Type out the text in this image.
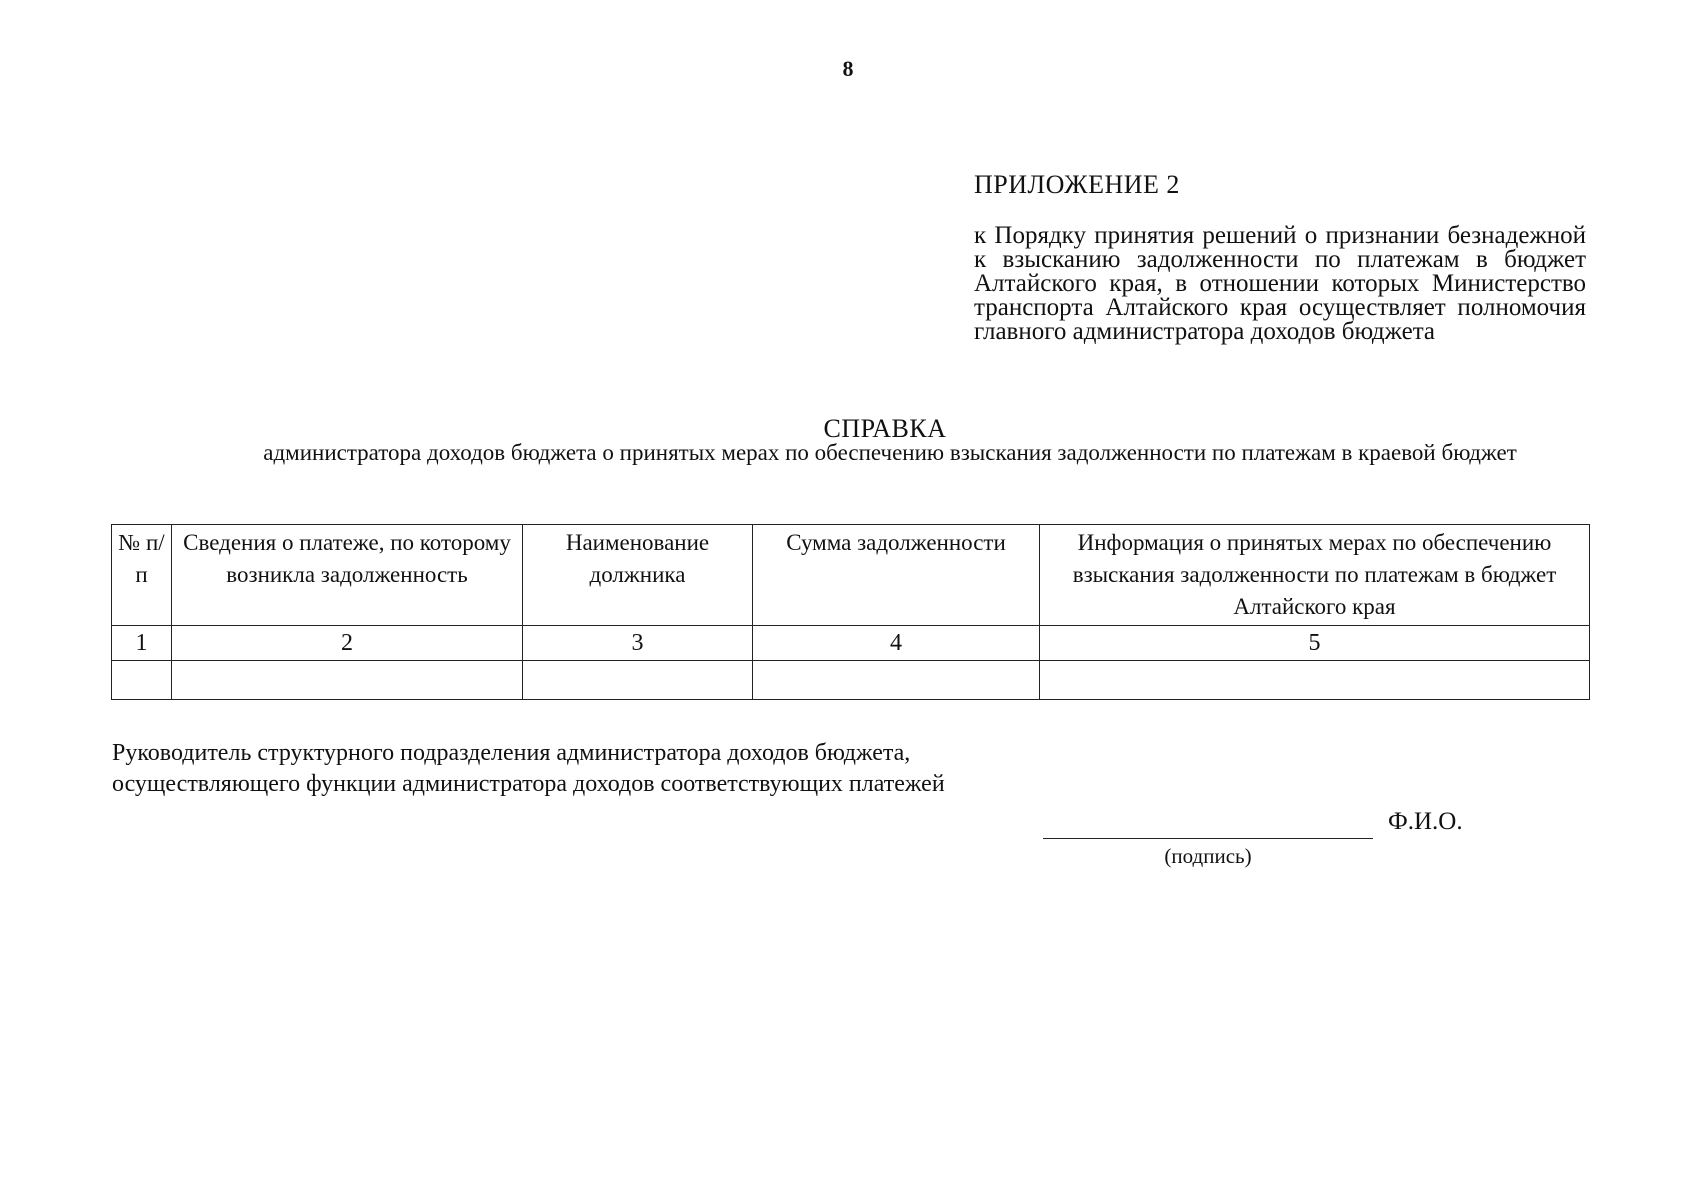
8
ПРИЛОЖЕНИЕ 2
к Порядку принятия решений о признании безнадежной к взысканию задолженности по платежам в бюджет Алтайского края, в отношении которых Министерство транспорта Алтайского края осуществляет полномочия главного администратора доходов бюджета
СПРАВКА
администратора доходов бюджета о принятых мерах по обеспечению взыскания задолженности по платежам в краевой бюджет
№ п/п	Сведения о платеже, по которому возникла задолженность	Наименование должника	Сумма задолженности	Информация о принятых мерах по обеспечению взыскания задолженности по платежам в бюджет Алтайского края
1	2	3	4	5

Руководитель структурного подразделения администратора доходов бюджета, осуществляющего функции администратора доходов соответствующих платежей
Ф.И.О.
(подпись)
